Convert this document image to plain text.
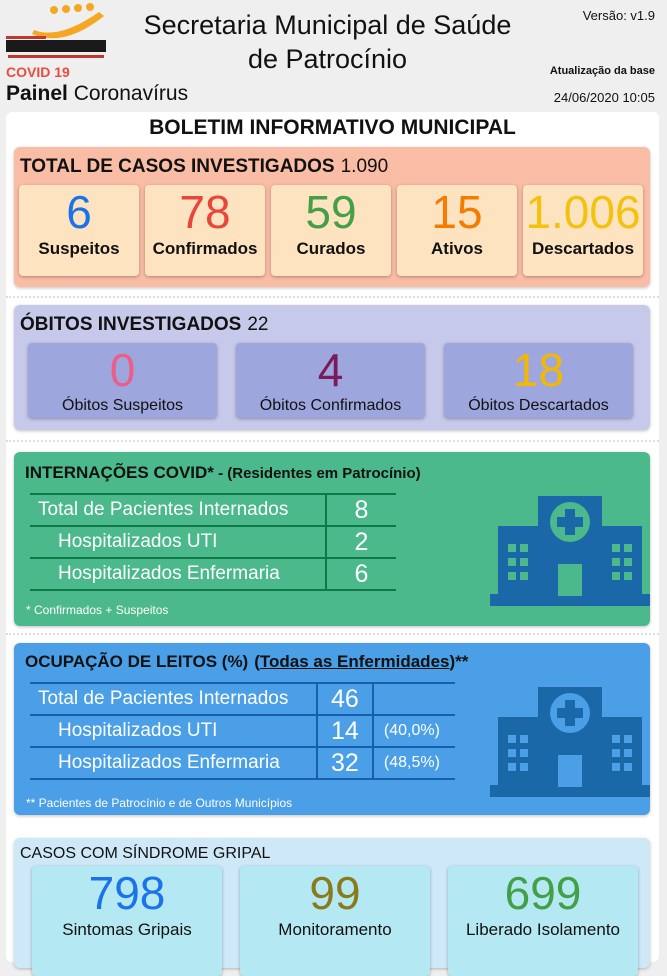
COVID 19
Painel Coronavírus
Secretaria Municipal de Saúde de Patrocínio
Versão: v1.9
Atualização da base
24/06/2020 10:05
BOLETIM INFORMATIVO MUNICIPAL
TOTAL DE CASOS INVESTIGADOS 1.090
6
Suspeitos
78
Confirmados
59
Curados
15
Ativos
1.006
Descartados
ÓBITOS INVESTIGADOS 22
0
Óbitos Suspeitos
4
Óbitos Confirmados
18
Óbitos Descartados
INTERNAÇÕES COVID* - (Residentes em Patrocínio)
Total de Pacientes Internados	8
Hospitalizados UTI	2
Hospitalizados Enfermaria	6
* Confirmados + Suspeitos
OCUPAÇÃO DE LEITOS (%) ( Todas as Enfermidades ) **
Total de Pacientes Internados	46	
Hospitalizados UTI	14	(40,0%)
Hospitalizados Enfermaria	32	(48,5%)
** Pacientes de Patrocínio e de Outros Municípios
CASOS COM SÍNDROME GRIPAL
798
Sintomas Gripais
99
Monitoramento
699
Liberado Isolamento
